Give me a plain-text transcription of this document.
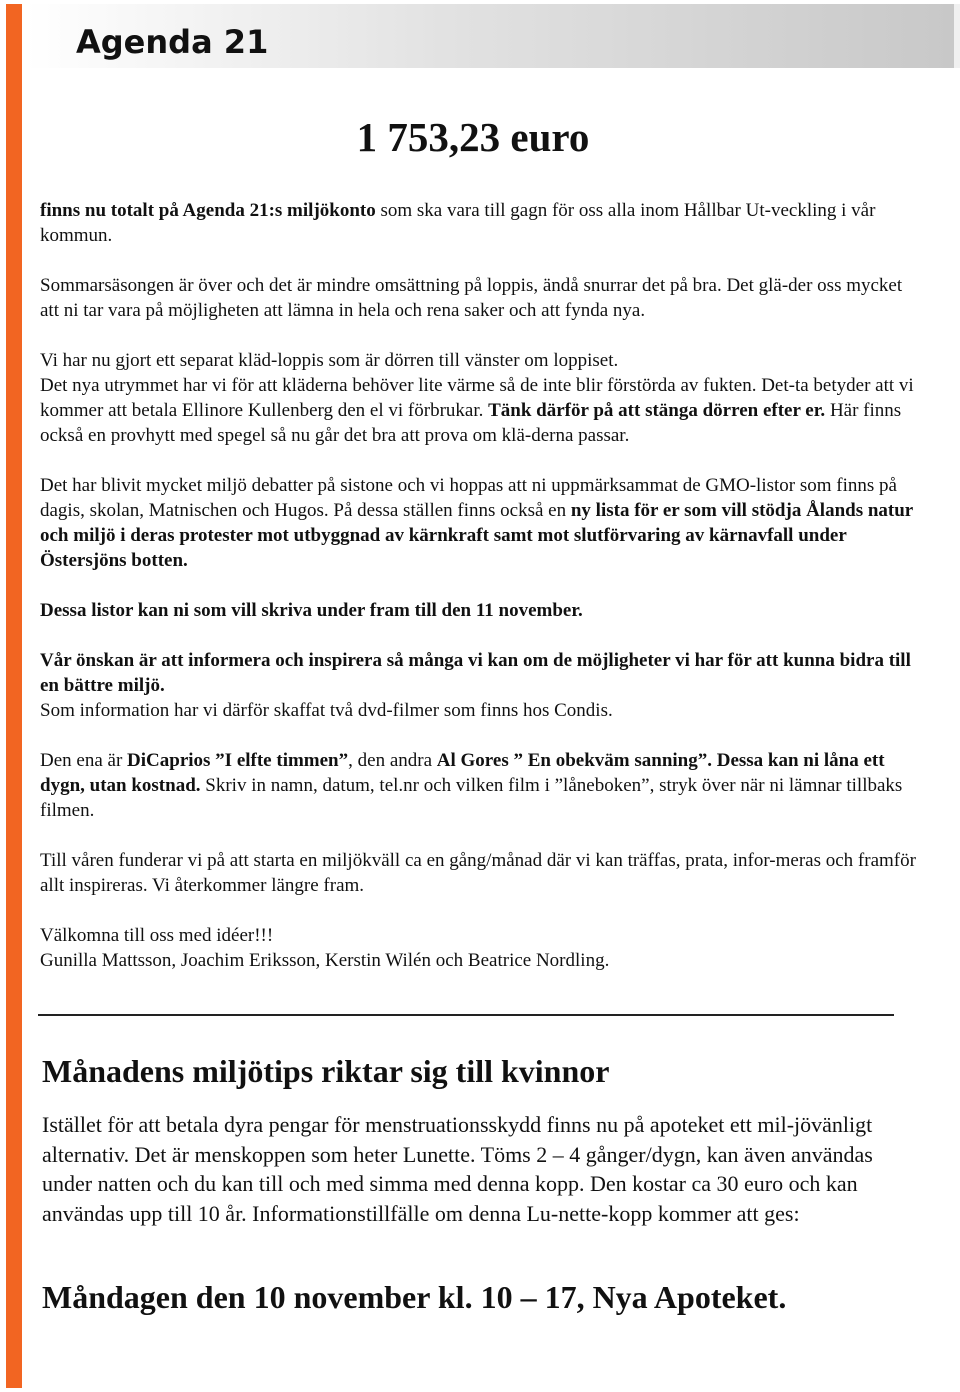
Agenda 21
1 753,23 euro

finns nu totalt på Agenda 21:s miljökonto som ska vara till gagn för oss alla inom Hållbar Ut-veckling i vår kommun.

Sommarsäsongen är över och det är mindre omsättning på loppis, ändå snurrar det på bra. Det glä-der oss mycket att ni tar vara på möjligheten att lämna in hela och rena saker och att fynda nya.

Vi har nu gjort ett separat kläd-loppis som är dörren till vänster om loppiset.
Det nya utrymmet har vi för att kläderna behöver lite värme så de inte blir förstörda av fukten. Det-ta betyder att vi kommer att betala Ellinore Kullenberg den el vi förbrukar. Tänk därför på att stänga dörren efter er. Här finns också en provhytt med spegel så nu går det bra att prova om klä-derna passar.

Det har blivit mycket miljö debatter på sistone och vi hoppas att ni uppmärksammat de GMO-listor som finns på dagis, skolan, Matnischen och Hugos. På dessa ställen finns också en ny lista för er som vill stödja Ålands natur och miljö i deras protester mot utbyggnad av kärnkraft samt mot slutförvaring av kärnavfall under Östersjöns botten.

Dessa listor kan ni som vill skriva under fram till den 11 november.

Vår önskan är att informera och inspirera så många vi kan om de möjligheter vi har för att kunna bidra till en bättre miljö.
Som information har vi därför skaffat två dvd-filmer som finns hos Condis.

Den ena är DiCaprios ”I elfte timmen”, den andra Al Gores ” En obekväm sanning”. Dessa kan ni låna ett dygn, utan kostnad. Skriv in namn, datum, tel.nr och vilken film i ”låneboken”, stryk över när ni lämnar tillbaks filmen.

Till våren funderar vi på att starta en miljökväll ca en gång/månad där vi kan träffas, prata, infor-meras och framför allt inspireras. Vi återkommer längre fram.

Välkomna till oss med idéer!!!
Gunilla Mattsson, Joachim Eriksson, Kerstin Wilén och Beatrice Nordling.

Månadens miljötips riktar sig till kvinnor

Istället för att betala dyra pengar för menstruationsskydd finns nu på apoteket ett mil-jövänligt alternativ. Det är menskoppen som heter Lunette. Töms 2 – 4 gånger/dygn, kan även användas under natten och du kan till och med simma med denna kopp. Den kostar ca 30 euro och kan användas upp till 10 år. Informationstillfälle om denna Lu-nette-kopp kommer att ges:

Måndagen den 10 november kl. 10 – 17, Nya Apoteket.
